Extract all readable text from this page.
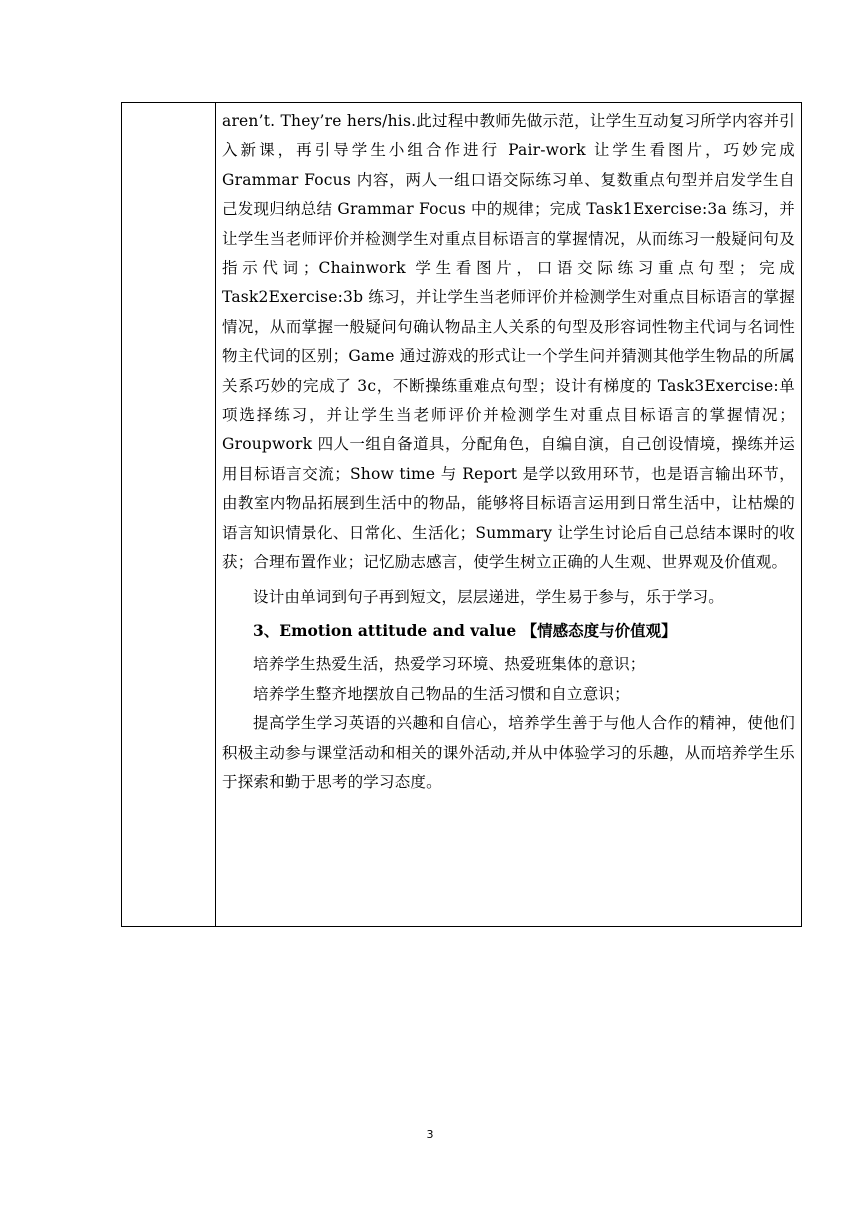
aren’t. They’re hers/his.此过程中教师先做示范，让学生互动复习所学内容并引入新课，再引导学生小组合作进行 Pair-work 让学生看图片，巧妙完成 Grammar Focus 内容，两人一组口语交际练习单、复数重点句型并启发学生自己发现归纳总结 Grammar Focus 中的规律；完成 Task1Exercise:3a 练习，并让学生当老师评价并检测学生对重点目标语言的掌握情况，从而练习一般疑问句及指示代词；Chainwork 学生看图片，口语交际练习重点句型；完成 Task2Exercise:3b 练习，并让学生当老师评价并检测学生对重点目标语言的掌握情况，从而掌握一般疑问句确认物品主人关系的句型及形容词性物主代词与名词性物主代词的区别；Game 通过游戏的形式让一个学生问并猜测其他学生物品的所属关系巧妙的完成了 3c，不断操练重难点句型；设计有梯度的 Task3Exercise:单项选择练习，并让学生当老师评价并检测学生对重点目标语言的掌握情况；Groupwork 四人一组自备道具，分配角色，自编自演，自己创设情境，操练并运用目标语言交流；Show time 与 Report 是学以致用环节，也是语言输出环节，由教室内物品拓展到生活中的物品，能够将目标语言运用到日常生活中，让枯燥的语言知识情景化、日常化、生活化；Summary 让学生讨论后自己总结本课时的收获；合理布置作业；记忆励志感言，使学生树立正确的人生观、世界观及价值观。

设计由单词到句子再到短文，层层递进，学生易于参与，乐于学习。

3、Emotion attitude and value 【情感态度与价值观】

培养学生热爱生活，热爱学习环境、热爱班集体的意识；

培养学生整齐地摆放自己物品的生活习惯和自立意识；

提高学生学习英语的兴趣和自信心，培养学生善于与他人合作的精神，使他们积极主动参与课堂活动和相关的课外活动,并从中体验学习的乐趣，从而培养学生乐于探索和勤于思考的学习态度。

3
